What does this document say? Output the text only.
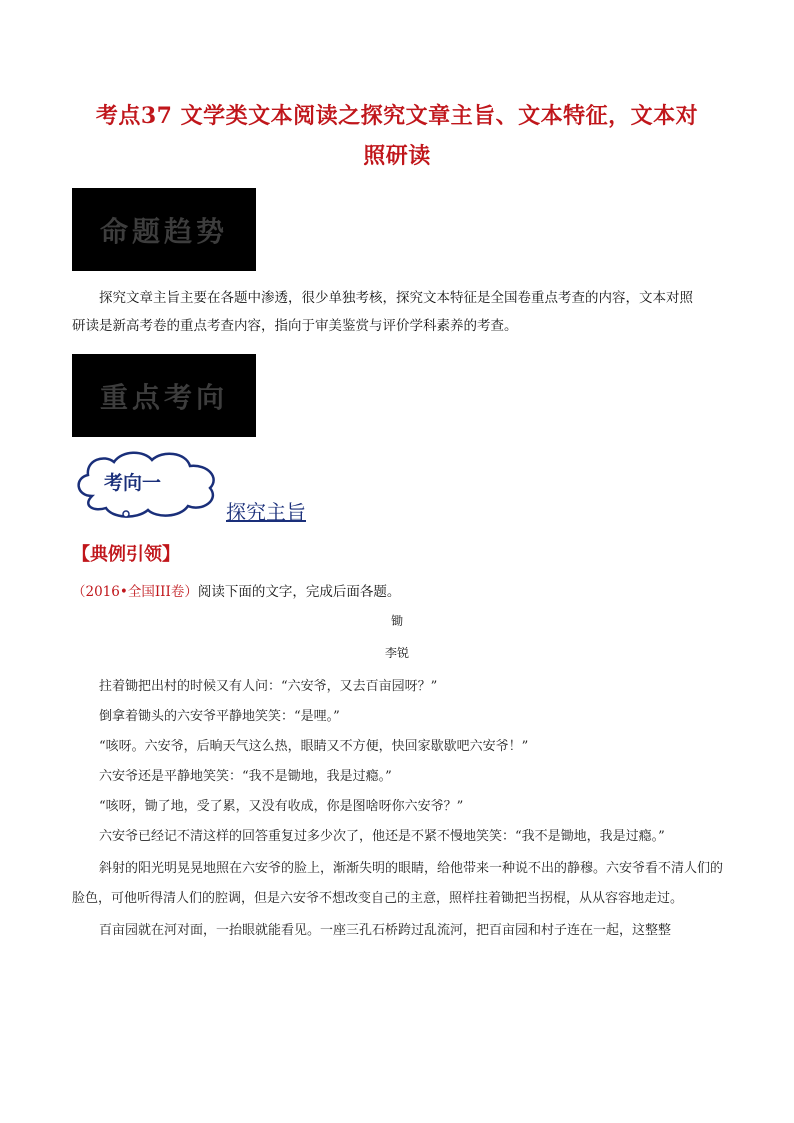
考点37 文学类文本阅读之探究文章主旨、文本特征，文本对
照研读
命题趋势
探究文章主旨主要在各题中渗透，很少单独考核，探究文本特征是全国卷重点考查的内容，文本对照
研读是新高考卷的重点考查内容，指向于审美鉴赏与评价学科素养的考查。
重点考向
考向一
探究主旨
【典例引领】
（2016•全国III卷）阅读下面的文字，完成后面各题。
锄
李锐

拄着锄把出村的时候又有人问：“六安爷，又去百亩园呀？”

倒拿着锄头的六安爷平静地笑笑：“是哩。”

“咳呀。六安爷，后晌天气这么热，眼睛又不方便，快回家歇歇吧六安爷！”

六安爷还是平静地笑笑：“我不是锄地，我是过瘾。”

“咳呀，锄了地，受了累，又没有收成，你是图啥呀你六安爷？”

六安爷已经记不清这样的回答重复过多少次了，他还是不紧不慢地笑笑：“我不是锄地，我是过瘾。”

斜射的阳光明晃晃地照在六安爷的脸上，渐渐失明的眼睛，给他带来一种说不出的静穆。六安爷看不清人们的脸色，可他听得清人们的腔调，但是六安爷不想改变自己的主意，照样拄着锄把当拐棍，从从容容地走过。

百亩园就在河对面，一抬眼就能看见。一座三孔石桥跨过乱流河，把百亩园和村子连在一起，这整整
